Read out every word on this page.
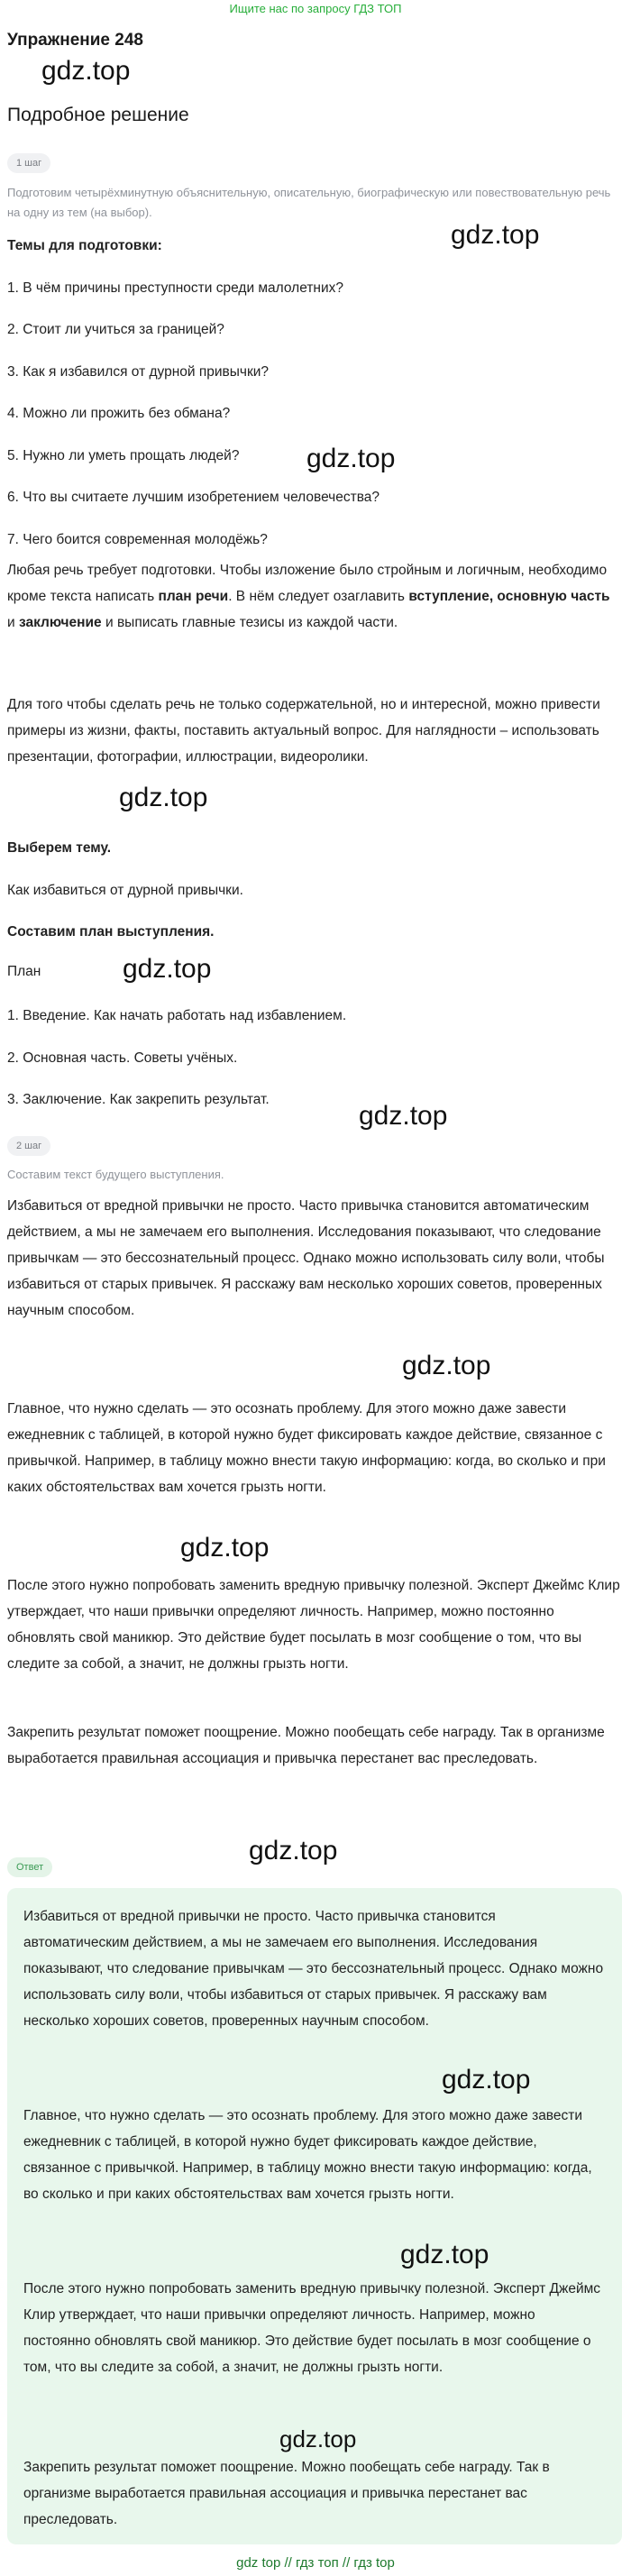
Ищите нас по запросу ГДЗ ТОП
Упражнение 248
gdz.top
Подробное решение
1 шаг
Подготовим четырёхминутную объяснительную, описательную, биографическую или повествовательную речь на одну из тем (на выбор).
Темы для подготовки:	gdz.top
1. В чём причины преступности среди малолетних?
2. Стоит ли учиться за границей?
3. Как я избавился от дурной привычки?
4. Можно ли прожить без обмана?
5. Нужно ли уметь прощать людей?	gdz.top
6. Что вы считаете лучшим изобретением человечества?
7. Чего боится современная молодёжь?
Любая речь требует подготовки. Чтобы изложение было стройным и логичным, необходимо кроме текста написать план речи. В нём следует озаглавить вступление, основную часть и заключение и выписать главные тезисы из каждой части.
Для того чтобы сделать речь не только содержательной, но и интересной, можно привести примеры из жизни, факты, поставить актуальный вопрос. Для наглядности – использовать презентации, фотографии, иллюстрации, видеоролики.
gdz.top
Выберем тему.
Как избавиться от дурной привычки.
Составим план выступления.
План	gdz.top
1. Введение. Как начать работать над избавлением.
2. Основная часть. Советы учёных.
3. Заключение. Как закрепить результат.
gdz.top
2 шаг
Составим текст будущего выступления.
Избавиться от вредной привычки не просто. Часто привычка становится автоматическим действием, а мы не замечаем его выполнения. Исследования показывают, что следование привычкам — это бессознательный процесс. Однако можно использовать силу воли, чтобы избавиться от старых привычек. Я расскажу вам несколько хороших советов, проверенных научным способом.
gdz.top
Главное, что нужно сделать — это осознать проблему. Для этого можно даже завести ежедневник с таблицей, в которой нужно будет фиксировать каждое действие, связанное с привычкой. Например, в таблицу можно внести такую информацию: когда, во сколько и при каких обстоятельствах вам хочется грызть ногти.
gdz.top
После этого нужно попробовать заменить вредную привычку полезной. Эксперт Джеймс Клир утверждает, что наши привычки определяют личность. Например, можно постоянно обновлять свой маникюр. Это действие будет посылать в мозг сообщение о том, что вы следите за собой, а значит, не должны грызть ногти.
Закрепить результат поможет поощрение. Можно пообещать себе награду. Так в организме выработается правильная ассоциация и привычка перестанет вас преследовать.
gdz.top
Ответ
Избавиться от вредной привычки не просто. Часто привычка становится автоматическим действием, а мы не замечаем его выполнения. Исследования показывают, что следование привычкам — это бессознательный процесс. Однако можно использовать силу воли, чтобы избавиться от старых привычек. Я расскажу вам несколько хороших советов, проверенных научным способом.
gdz.top
Главное, что нужно сделать — это осознать проблему. Для этого можно даже завести ежедневник с таблицей, в которой нужно будет фиксировать каждое действие, связанное с привычкой. Например, в таблицу можно внести такую информацию: когда, во сколько и при каких обстоятельствах вам хочется грызть ногти.
gdz.top
После этого нужно попробовать заменить вредную привычку полезной. Эксперт Джеймс Клир утверждает, что наши привычки определяют личность. Например, можно постоянно обновлять свой маникюр. Это действие будет посылать в мозг сообщение о том, что вы следите за собой, а значит, не должны грызть ногти.
gdz.top
Закрепить результат поможет поощрение. Можно пообещать себе награду. Так в организме выработается правильная ассоциация и привычка перестанет вас преследовать.
gdz top // гдз топ // гдз top
